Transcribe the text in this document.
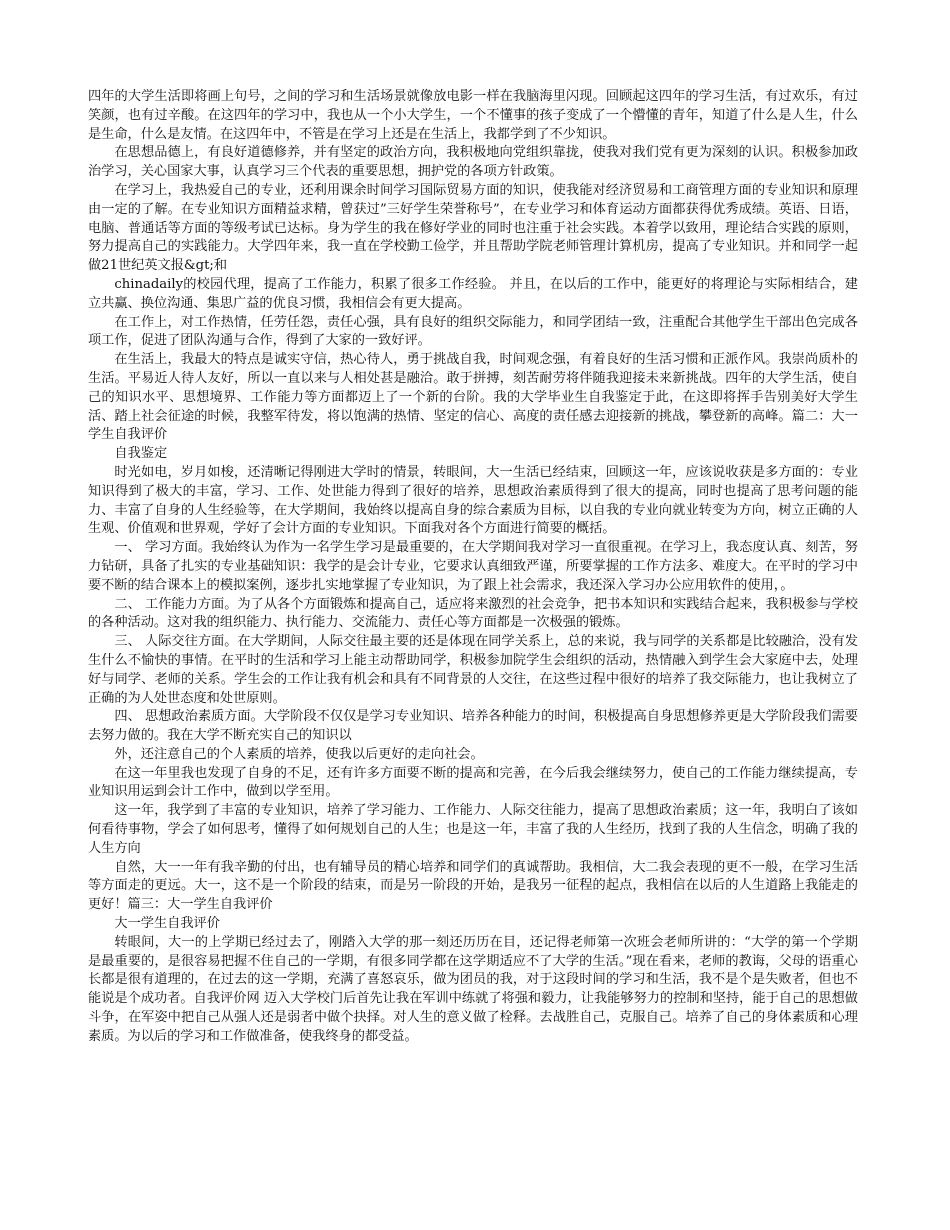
四年的大学生活即将画上句号，之间的学习和生活场景就像放电影一样在我脑海里闪现。回顾起这四年的学习生活，有过欢乐，有过笑颜，也有过辛酸。在这四年的学习中，我也从一个小大学生，一个不懂事的孩子变成了一个懵懂的青年，知道了什么是人生，什么是生命，什么是友情。在这四年中，不管是在学习上还是在生活上，我都学到了不少知识。

在思想品德上，有良好道德修养，并有坚定的政治方向，我积极地向党组织靠拢，使我对我们党有更为深刻的认识。积极参加政治学习，关心国家大事，认真学习三个代表的重要思想，拥护党的各项方针政策。

在学习上，我热爱自己的专业，还利用课余时间学习国际贸易方面的知识，使我能对经济贸易和工商管理方面的专业知识和原理由一定的了解。在专业知识方面精益求精，曾获过”三好学生荣誉称号”，在专业学习和体育运动方面都获得优秀成绩。英语、日语，电脑、普通话等方面的等级考试已达标。身为学生的我在修好学业的同时也注重于社会实践。本着学以致用，理论结合实践的原则，努力提高自己的实践能力。大学四年来，我一直在学校勤工俭学，并且帮助学院老师管理计算机房，提高了专业知识。并和同学一起做21世纪英文报&gt;和

chinadaily的校园代理，提高了工作能力，积累了很多工作经验。 并且，在以后的工作中，能更好的将理论与实际相结合，建立共赢、换位沟通、集思广益的优良习惯，我相信会有更大提高。

在工作上，对工作热情，任劳任怨，责任心强，具有良好的组织交际能力，和同学团结一致，注重配合其他学生干部出色完成各项工作，促进了团队沟通与合作，得到了大家的一致好评。

在生活上，我最大的特点是诚实守信，热心待人，勇于挑战自我，时间观念强，有着良好的生活习惯和正派作风。我崇尚质朴的生活。平易近人待人友好，所以一直以来与人相处甚是融洽。敢于拼搏，刻苦耐劳将伴随我迎接未来新挑战。四年的大学生活，使自己的知识水平、思想境界、工作能力等方面都迈上了一个新的台阶。我的大学毕业生自我鉴定于此，在这即将挥手告别美好大学生活、踏上社会征途的时候，我整军待发，将以饱满的热情、坚定的信心、高度的责任感去迎接新的挑战，攀登新的高峰。篇二：大一学生自我评价

自我鉴定

时光如电，岁月如梭，还清晰记得刚进大学时的情景，转眼间，大一生活已经结束，回顾这一年，应该说收获是多方面的：专业知识得到了极大的丰富，学习、工作、处世能力得到了很好的培养，思想政治素质得到了很大的提高，同时也提高了思考问题的能力、丰富了自身的人生经验等，在大学期间，我始终以提高自身的综合素质为目标，以自我的专业向就业转变为方向，树立正确的人生观、价值观和世界观，学好了会计方面的专业知识。下面我对各个方面进行简要的概括。

一、 学习方面。我始终认为作为一名学生学习是最重要的，在大学期间我对学习一直很重视。在学习上，我态度认真、刻苦，努力钻研，具备了扎实的专业基础知识：我学的是会计专业，它要求认真细致严谨，所要掌握的工作方法多、难度大。在平时的学习中要不断的结合课本上的模拟案例，逐步扎实地掌握了专业知识，为了跟上社会需求，我还深入学习办公应用软件的使用，。

二、 工作能力方面。为了从各个方面锻炼和提高自己，适应将来激烈的社会竞争，把书本知识和实践结合起来，我积极参与学校的各种活动。这对我的组织能力、执行能力、交流能力、责任心等方面都是一次极强的锻炼。

三、 人际交往方面。在大学期间，人际交往最主要的还是体现在同学关系上，总的来说，我与同学的关系都是比较融洽，没有发生什么不愉快的事情。在平时的生活和学习上能主动帮助同学，积极参加院学生会组织的活动，热情融入到学生会大家庭中去，处理好与同学、老师的关系。学生会的工作让我有机会和具有不同背景的人交往，在这些过程中很好的培养了我交际能力，也让我树立了正确的为人处世态度和处世原则。

四、 思想政治素质方面。大学阶段不仅仅是学习专业知识、培养各种能力的时间，积极提高自身思想修养更是大学阶段我们需要去努力做的。我在大学不断充实自己的知识以

外，还注意自己的个人素质的培养，使我以后更好的走向社会。

在这一年里我也发现了自身的不足，还有许多方面要不断的提高和完善，在今后我会继续努力，使自己的工作能力继续提高，专业知识用运到会计工作中，做到以学至用。

这一年，我学到了丰富的专业知识，培养了学习能力、工作能力、人际交往能力，提高了思想政治素质；这一年，我明白了该如何看待事物，学会了如何思考，懂得了如何规划自己的人生；也是这一年，丰富了我的人生经历，找到了我的人生信念，明确了我的人生方向

自然，大一一年有我辛勤的付出，也有辅导员的精心培养和同学们的真诚帮助。我相信，大二我会表现的更不一般，在学习生活等方面走的更远。大一，这不是一个阶段的结束，而是另一阶段的开始，是我另一征程的起点，我相信在以后的人生道路上我能走的更好！篇三：大一学生自我评价

大一学生自我评价

转眼间，大一的上学期已经过去了，刚踏入大学的那一刻还历历在目，还记得老师第一次班会老师所讲的：“大学的第一个学期是最重要的，是很容易把握不住自己的一学期，有很多同学都在这学期适应不了大学的生活。”现在看来，老师的教诲，父母的语重心长都是很有道理的，在过去的这一学期，充满了喜怒哀乐，做为团员的我，对于这段时间的学习和生活，我不是个是失败者，但也不能说是个成功者。自我评价网 迈入大学校门后首先让我在军训中练就了将强和毅力，让我能够努力的控制和坚持，能于自己的思想做斗争，在军姿中把自己从强人还是弱者中做个抉择。对人生的意义做了栓释。去战胜自己，克服自己。培养了自己的身体素质和心理素质。为以后的学习和工作做准备，使我终身的都受益。
